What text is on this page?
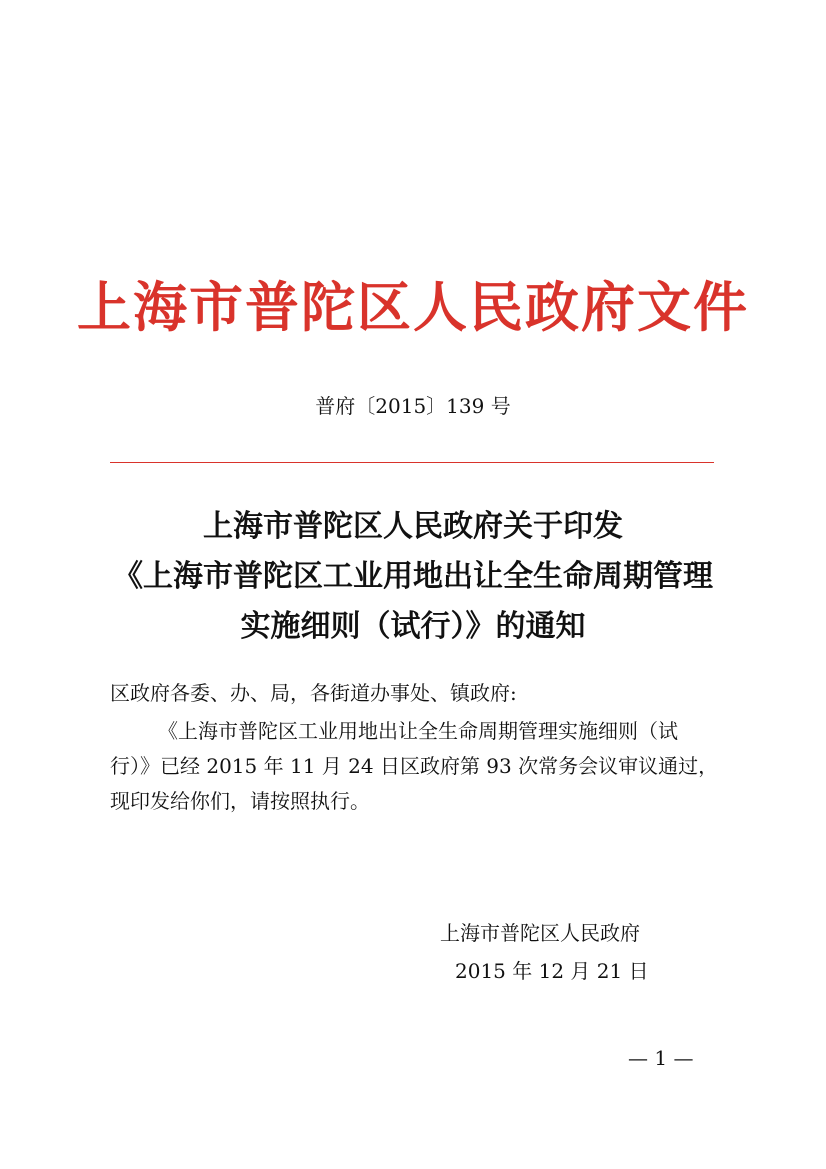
上海市普陀区人民政府文件
普府〔2015〕139 号
上海市普陀区人民政府关于印发
《上海市普陀区工业用地出让全生命周期管理
实施细则（试行）》的通知
区政府各委、办、局，各街道办事处、镇政府:
《上海市普陀区工业用地出让全生命周期管理实施细则（试
行）》已经 2015 年 11 月 24 日区政府第 93 次常务会议审议通过，
现印发给你们，请按照执行。
上海市普陀区人民政府
2015 年 12 月 21 日
— 1 —
